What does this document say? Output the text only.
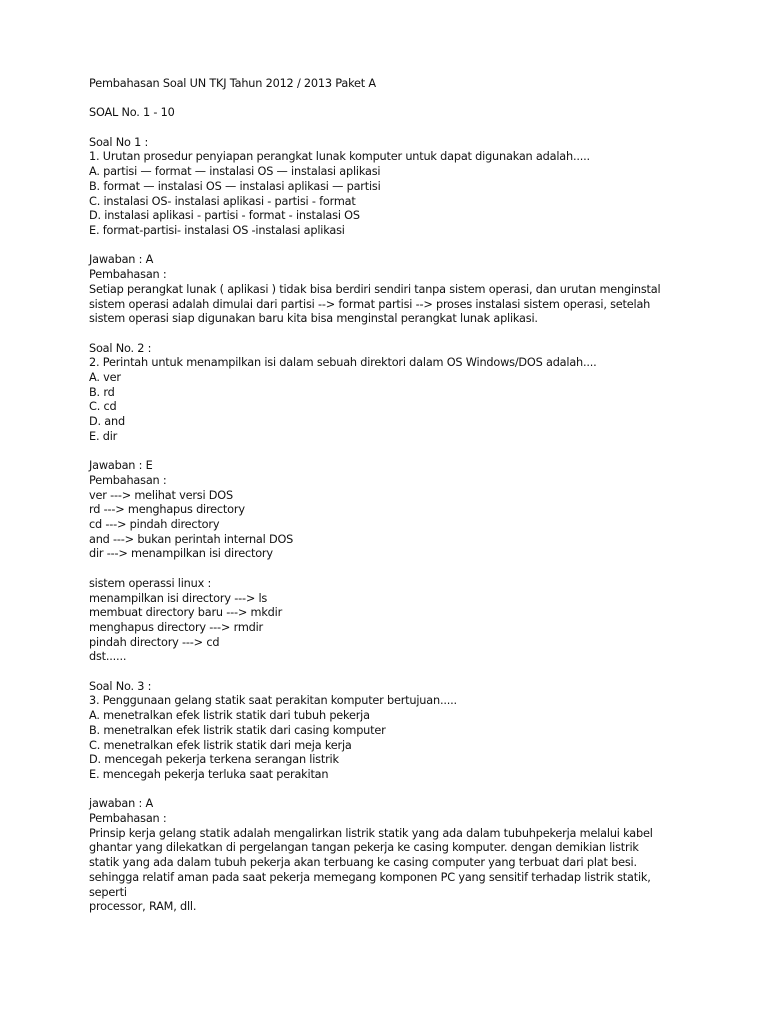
Pembahasan Soal UN TKJ Tahun 2012 / 2013 Paket A
SOAL No. 1 - 10
Soal No 1 :
1. Urutan prosedur penyiapan perangkat lunak komputer untuk dapat digunakan adalah.....
A. partisi — format — instalasi OS — instalasi aplikasi
B. format — instalasi OS — instalasi aplikasi — partisi
C. instalasi OS- instalasi aplikasi - partisi - format
D. instalasi aplikasi - partisi - format - instalasi OS
E. format-partisi- instalasi OS -instalasi aplikasi
Jawaban : A
Pembahasan :
Setiap perangkat lunak ( aplikasi ) tidak bisa berdiri sendiri tanpa sistem operasi, dan urutan menginstal
sistem operasi adalah dimulai dari partisi --> format partisi --> proses instalasi sistem operasi, setelah
sistem operasi siap digunakan baru kita bisa menginstal perangkat lunak aplikasi.
Soal No. 2 :
2. Perintah untuk menampilkan isi dalam sebuah direktori dalam OS Windows/DOS adalah....
A. ver
B. rd
C. cd
D. and
E. dir
Jawaban : E
Pembahasan :
ver ---> melihat versi DOS
rd ---> menghapus directory
cd ---> pindah directory
and ---> bukan perintah internal DOS
dir ---> menampilkan isi directory
sistem operassi linux :
menampilkan isi directory ---> ls
membuat directory baru ---> mkdir
menghapus directory ---> rmdir
pindah directory ---> cd
dst......
Soal No. 3 :
3. Penggunaan gelang statik saat perakitan komputer bertujuan.....
A. menetralkan efek listrik statik dari tubuh pekerja
B. menetralkan efek listrik statik dari casing komputer
C. menetralkan efek listrik statik dari meja kerja
D. mencegah pekerja terkena serangan listrik
E. mencegah pekerja terluka saat perakitan
jawaban : A
Pembahasan :
Prinsip kerja gelang statik adalah mengalirkan listrik statik yang ada dalam tubuhpekerja melalui kabel
ghantar yang dilekatkan di pergelangan tangan pekerja ke casing komputer. dengan demikian listrik
statik yang ada dalam tubuh pekerja akan terbuang ke casing computer yang terbuat dari plat besi.
sehingga relatif aman pada saat pekerja memegang komponen PC yang sensitif terhadap listrik statik,
seperti
processor, RAM, dll.
